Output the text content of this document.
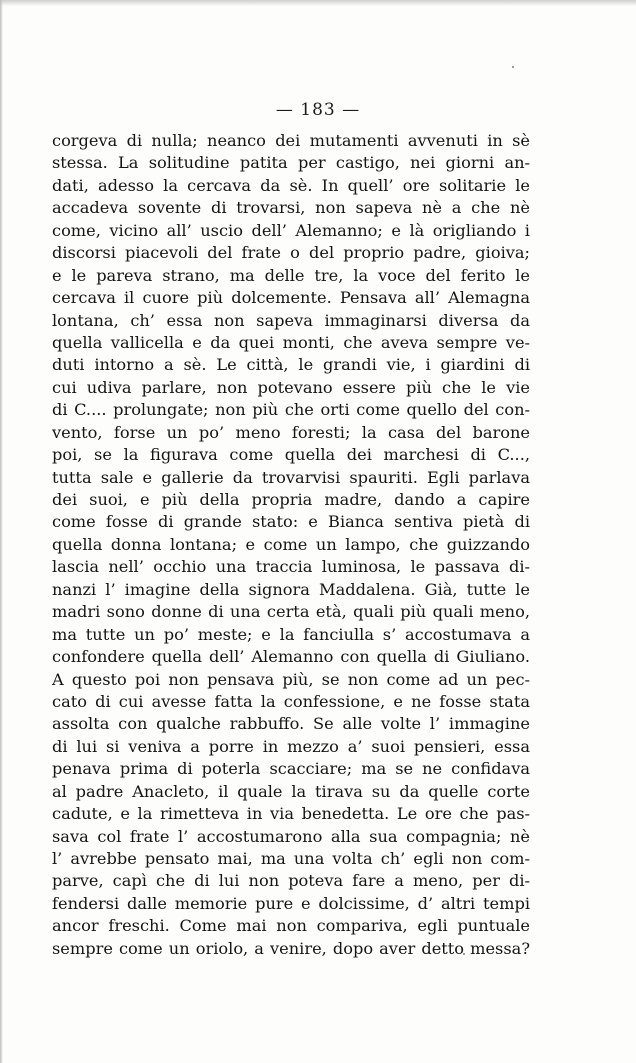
— 183 —
corgeva di nulla; neanco dei mutamenti avvenuti in sè
stessa. La solitudine patita per castigo, nei giorni an-
dati, adesso la cercava da sè. In quell’ ore solitarie le
accadeva sovente di trovarsi, non sapeva nè a che nè
come, vicino all’ uscio dell’ Alemanno; e là origliando i
discorsi piacevoli del frate o del proprio padre, gioiva;
e le pareva strano, ma delle tre, la voce del ferito le
cercava il cuore più dolcemente. Pensava all’ Alemagna
lontana, ch’ essa non sapeva immaginarsi diversa da
quella vallicella e da quei monti, che aveva sempre ve-
duti intorno a sè. Le città, le grandi vie, i giardini di
cui udiva parlare, non potevano essere più che le vie
di C.... prolungate; non più che orti come quello del con-
vento, forse un po’ meno foresti; la casa del barone
poi, se la figurava come quella dei marchesi di C...,
tutta sale e gallerie da trovarvisi spauriti. Egli parlava
dei suoi, e più della propria madre, dando a capire
come fosse di grande stato: e Bianca sentiva pietà di
quella donna lontana; e come un lampo, che guizzando
lascia nell’ occhio una traccia luminosa, le passava di-
nanzi l’ imagine della signora Maddalena. Già, tutte le
madri sono donne di una certa età, quali più quali meno,
ma tutte un po’ meste; e la fanciulla s’ accostumava a
confondere quella dell’ Alemanno con quella di Giuliano.
A questo poi non pensava più, se non come ad un pec-
cato di cui avesse fatta la confessione, e ne fosse stata
assolta con qualche rabbuffo. Se alle volte l’ immagine
di lui si veniva a porre in mezzo a’ suoi pensieri, essa
penava prima di poterla scacciare; ma se ne confidava
al padre Anacleto, il quale la tirava su da quelle corte
cadute, e la rimetteva in via benedetta. Le ore che pas-
sava col frate l’ accostumarono alla sua compagnia; nè
l’ avrebbe pensato mai, ma una volta ch’ egli non com-
parve, capì che di lui non poteva fare a meno, per di-
fendersi dalle memorie pure e dolcissime, d’ altri tempi
ancor freschi. Come mai non compariva, egli puntuale
sempre come un oriolo, a venire, dopo aver detto messa?
